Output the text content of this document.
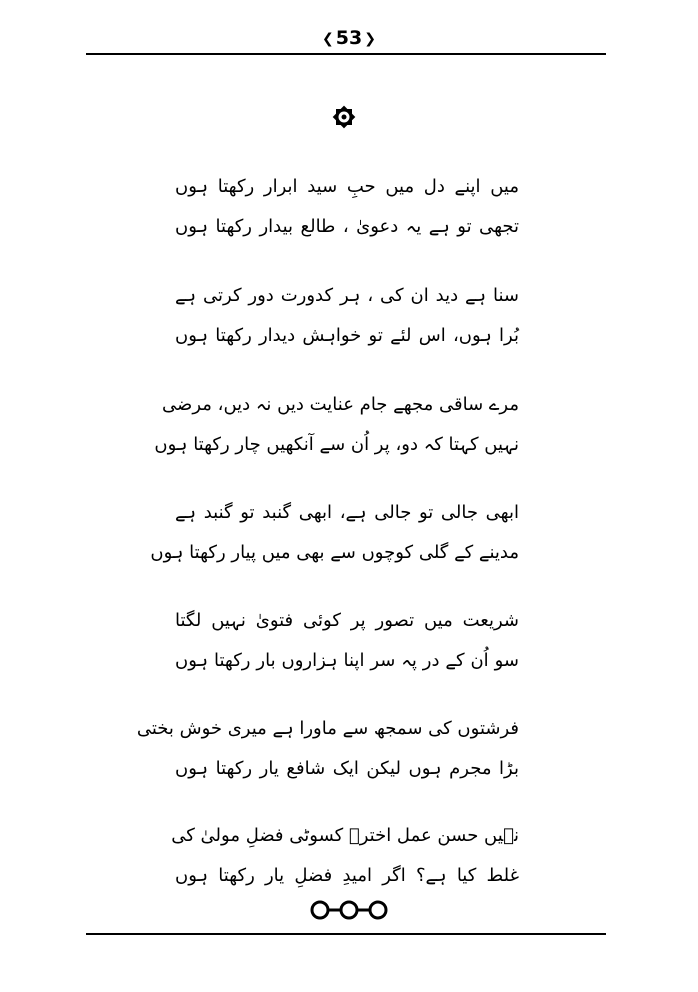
❮ 53 ❯
میں اپنے دل میں حبِ سید ابرار رکھتا ہوں
تجھی تو ہے یہ دعویٰ ، طالع بیدار رکھتا ہوں
سنا ہے دید ان کی ، ہر کدورت دور کرتی ہے
بُرا ہوں، اس لئے تو خواہش دیدار رکھتا ہوں
مرے ساقی مجھے جام عنایت دیں نہ دیں، مرضی
نہیں کہتا کہ دو، پر اُن سے آنکھیں چار رکھتا ہوں
ابھی جالی تو جالی ہے، ابھی گنبد تو گنبد ہے
مدینے کے گلی کوچوں سے بھی میں پیار رکھتا ہوں
شریعت میں تصور پر کوئی فتویٰ نہیں لگتا
سو اُن کے در پہ سر اپنا ہزاروں بار رکھتا ہوں
فرشتوں کی سمجھ سے ماورا ہے میری خوش بختی
بڑا مجرم ہوں لیکن ایک شافع یار رکھتا ہوں
نہیں حسن عمل اخترؔ کسوٹی فضلِ مولیٰ کی
غلط کیا ہے؟ اگر امیدِ فضلِ یار رکھتا ہوں
